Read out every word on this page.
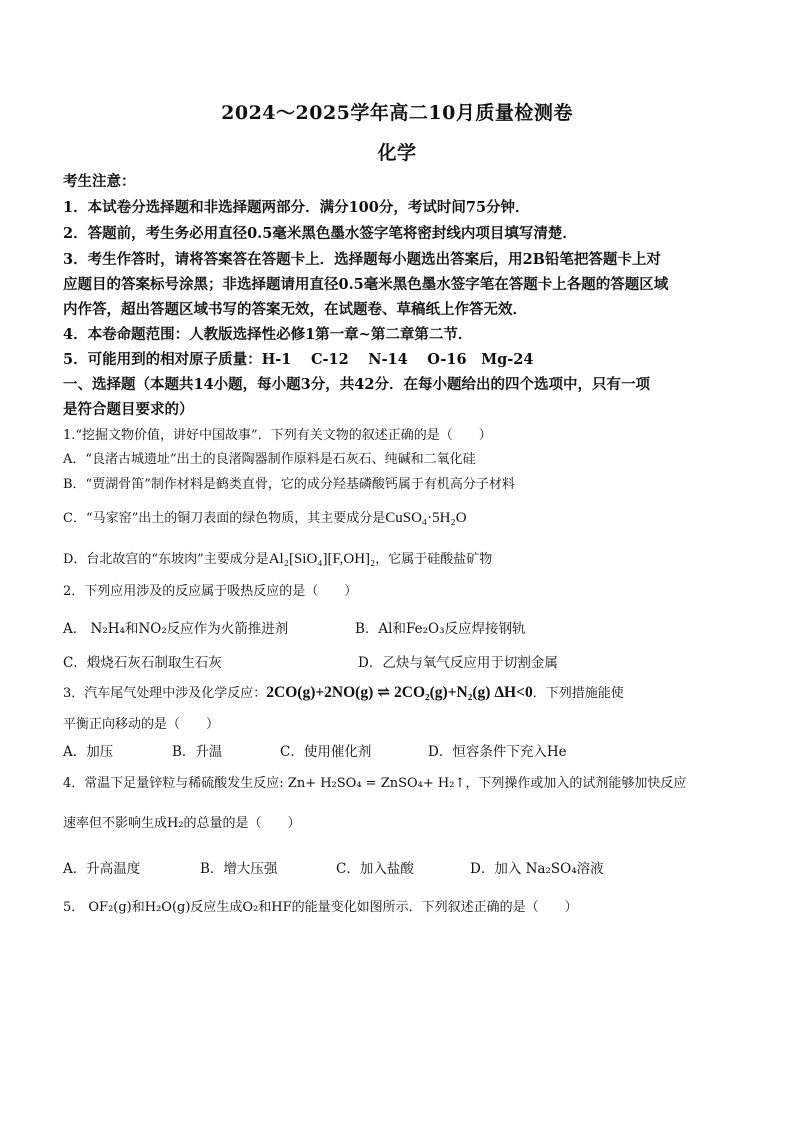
2024～2025学年高二10月质量检测卷
化学
考生注意：
1．本试卷分选择题和非选择题两部分．满分100分，考试时间75分钟．
2．答题前，考生务必用直径0.5毫米黑色墨水签字笔将密封线内项目填写清楚．
3．考生作答时，请将答案答在答题卡上．选择题每小题选出答案后，用2B铅笔把答题卡上对
应题目的答案标号涂黑；非选择题请用直径0.5毫米黑色墨水签字笔在答题卡上各题的答题区域
内作答，超出答题区域书写的答案无效，在试题卷、草稿纸上作答无效．
4．本卷命题范围：人教版选择性必修1第一章~第二章第二节．
5．可能用到的相对原子质量：H-1　 C-12　 N-14　 O-16　Mg-24
一、选择题（本题共14小题，每小题3分，共42分．在每小题给出的四个选项中，只有一项
是符合题目要求的）
1.“挖掘文物价值，讲好中国故事”．下列有关文物的叙述正确的是（　　）
A．“良渚古城遗址”出土的良渚陶器制作原料是石灰石、纯碱和二氧化硅
B．“贾湖骨笛”制作材料是鹤类直骨，它的成分羟基磷酸钙属于有机高分子材料
C．“马家窑”出土的铜刀表面的绿色物质，其主要成分是CuSO₄·5H₂O
D．台北故宫的“东坡肉”主要成分是Al₂[SiO₄][F,OH]₂，它属于硅酸盐矿物
2．下列应用涉及的反应属于吸热反应的是（　　）
A． N₂H₄和NO₂反应作为火箭推进剂	B．Al和Fe₂O₃反应焊接钢轨
C．煅烧石灰石制取生石灰	D．乙炔与氧气反应用于切割金属
3．汽车尾气处理中涉及化学反应：2CO(g)+2NO(g) ⇌ 2CO₂(g)+N₂(g) ΔH<0．下列措施能使
平衡正向移动的是（　　）
A．加压	B．升温	C．使用催化剂	D．恒容条件下充入He
4．常温下足量锌粒与稀硫酸发生反应: Zn+ H₂SO₄ = ZnSO₄+ H₂↑，下列操作或加入的试剂能够加快反应
速率但不影响生成H₂的总量的是（　　）
A．升高温度	B．增大压强	C．加入盐酸	D．加入 Na₂SO₄溶液
5． OF₂(g)和H₂O(g)反应生成O₂和HF的能量变化如图所示．下列叙述正确的是（　　）
